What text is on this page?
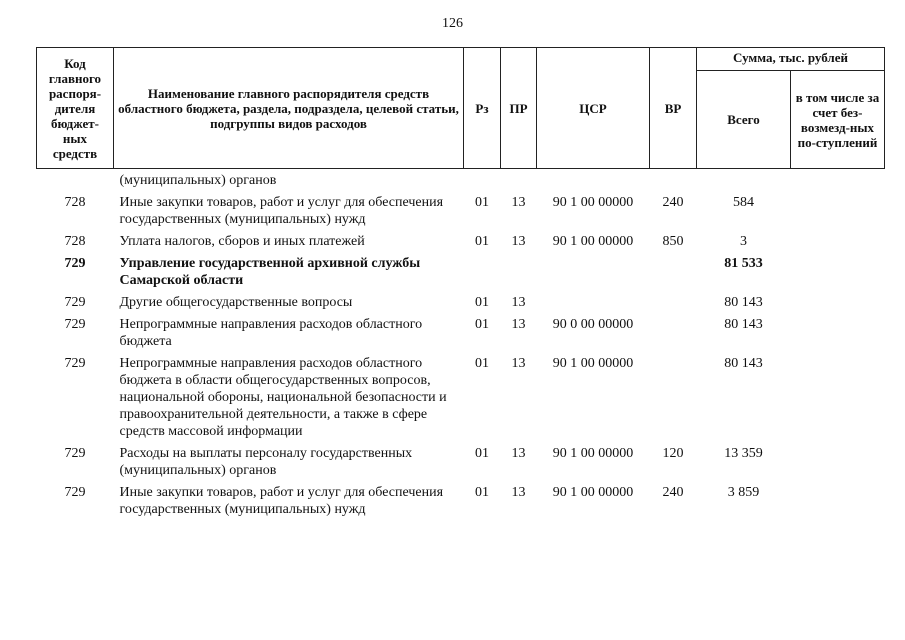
126
Код главного распоря-дителя бюджет-ных средств	Наименование главного распорядителя средств областного бюджета, раздела, подраздела, целевой статьи, подгруппы видов расходов	Рз	ПР	ЦСР	ВР	Сумма, тыс. рублей	
						Всего	в том числе за счет без-возмезд-ных по-ступлений
	(муниципальных) органов						
728	Иные закупки товаров, работ и услуг для обеспечения государственных (муниципальных) нужд	01	13	90 1 00 00000	240	584	
728	Уплата налогов, сборов и иных платежей	01	13	90 1 00 00000	850	3	
729	Управление государственной архивной службы Самарской области					81 533	
729	Другие общегосударственные вопросы	01	13			80 143	
729	Непрограммные направления расходов областного бюджета	01	13	90 0 00 00000		80 143	
729	Непрограммные направления расходов областного бюджета в области общегосударственных вопросов, национальной обороны, национальной безопасности и правоохранительной деятельности, а также в сфере средств массовой информации	01	13	90 1 00 00000		80 143	
729	Расходы на выплаты персоналу государственных (муниципальных) органов	01	13	90 1 00 00000	120	13 359	
729	Иные закупки товаров, работ и услуг для обеспечения государственных (муниципальных) нужд	01	13	90 1 00 00000	240	3 859	
